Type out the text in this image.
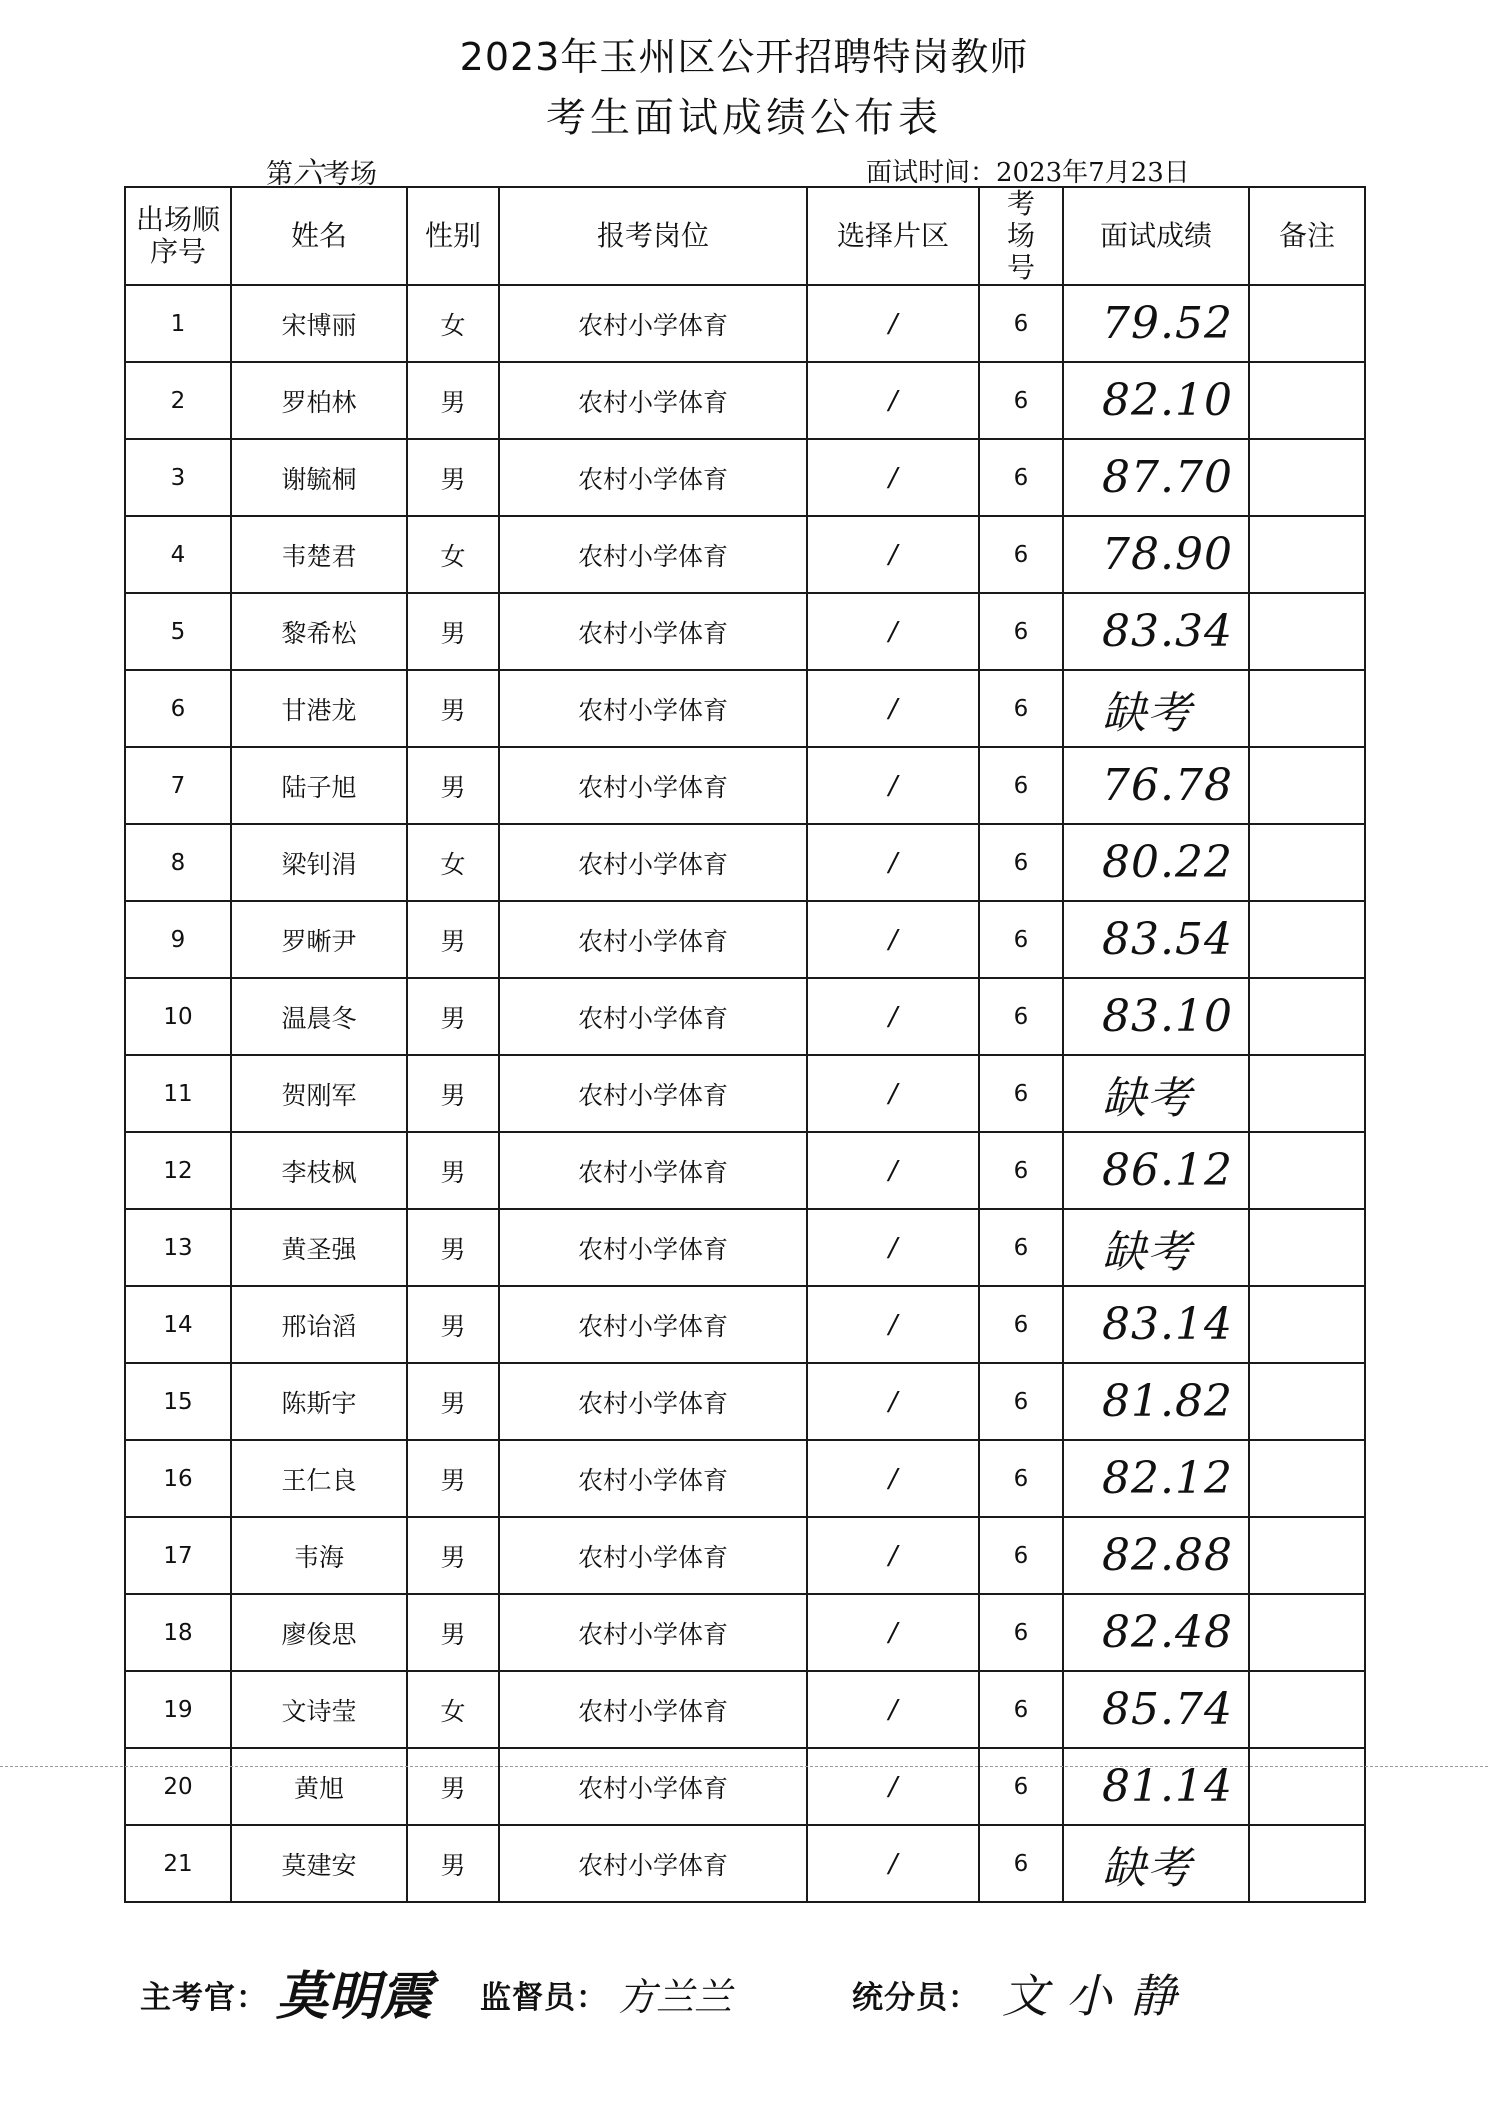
2023年玉州区公开招聘特岗教师
考生面试成绩公布表
第六考场	面试时间：2023年7月23日
出场顺序号	姓名	性别	报考岗位	选择片区	考场号	面试成绩	备注
1	宋博丽	女	农村小学体育	/	6	79.52	
2	罗柏林	男	农村小学体育	/	6	82.10	
3	谢毓桐	男	农村小学体育	/	6	87.70	
4	韦楚君	女	农村小学体育	/	6	78.90	
5	黎希松	男	农村小学体育	/	6	83.34	
6	甘港龙	男	农村小学体育	/	6	缺考	
7	陆子旭	男	农村小学体育	/	6	76.78	
8	梁钊涓	女	农村小学体育	/	6	80.22	
9	罗晰尹	男	农村小学体育	/	6	83.54	
10	温晨冬	男	农村小学体育	/	6	83.10	
11	贺刚军	男	农村小学体育	/	6	缺考	
12	李枝枫	男	农村小学体育	/	6	86.12	
13	黄圣强	男	农村小学体育	/	6	缺考	
14	邢诒滔	男	农村小学体育	/	6	83.14	
15	陈斯宇	男	农村小学体育	/	6	81.82	
16	王仁良	男	农村小学体育	/	6	82.12	
17	韦海	男	农村小学体育	/	6	82.88	
18	廖俊思	男	农村小学体育	/	6	82.48	
19	文诗莹	女	农村小学体育	/	6	85.74	
20	黄旭	男	农村小学体育	/	6	81.14	
21	莫建安	男	农村小学体育	/	6	缺考	
主考官： 莫明震 监督员： 方兰兰	统分员： 文小静
